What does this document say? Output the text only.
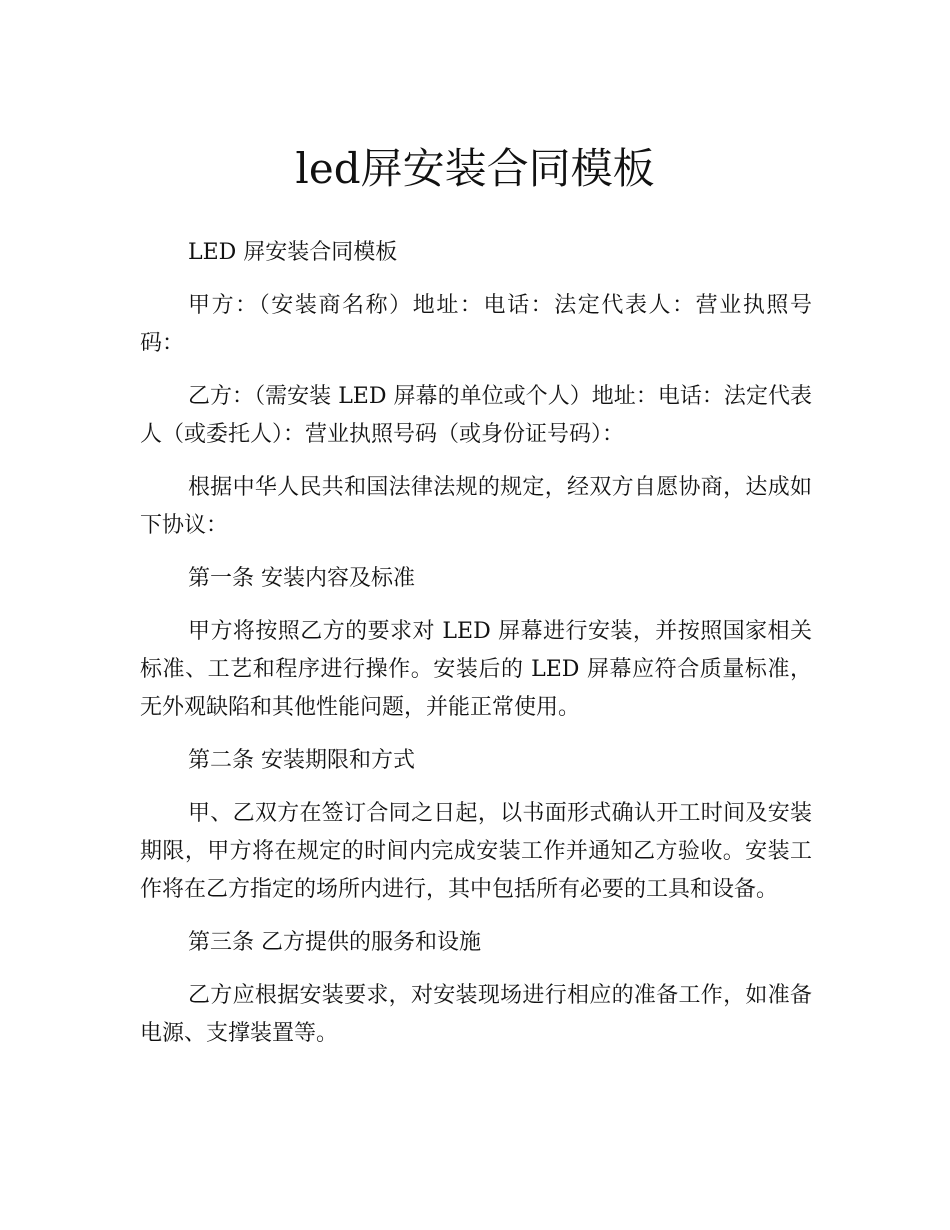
led屏安装合同模板

LED 屏安装合同模板

甲方：（安装商名称）地址：电话：法定代表人：营业执照号码：

乙方：（需安装 LED 屏幕的单位或个人）地址：电话：法定代表人（或委托人）：营业执照号码（或身份证号码）：

根据中华人民共和国法律法规的规定，经双方自愿协商，达成如下协议：

第一条 安装内容及标准

甲方将按照乙方的要求对 LED 屏幕进行安装，并按照国家相关标准、工艺和程序进行操作。安装后的 LED 屏幕应符合质量标准，无外观缺陷和其他性能问题，并能正常使用。

第二条 安装期限和方式

甲、乙双方在签订合同之日起，以书面形式确认开工时间及安装期限，甲方将在规定的时间内完成安装工作并通知乙方验收。安装工作将在乙方指定的场所内进行，其中包括所有必要的工具和设备。

第三条 乙方提供的服务和设施

乙方应根据安装要求，对安装现场进行相应的准备工作，如准备电源、支撑装置等。
